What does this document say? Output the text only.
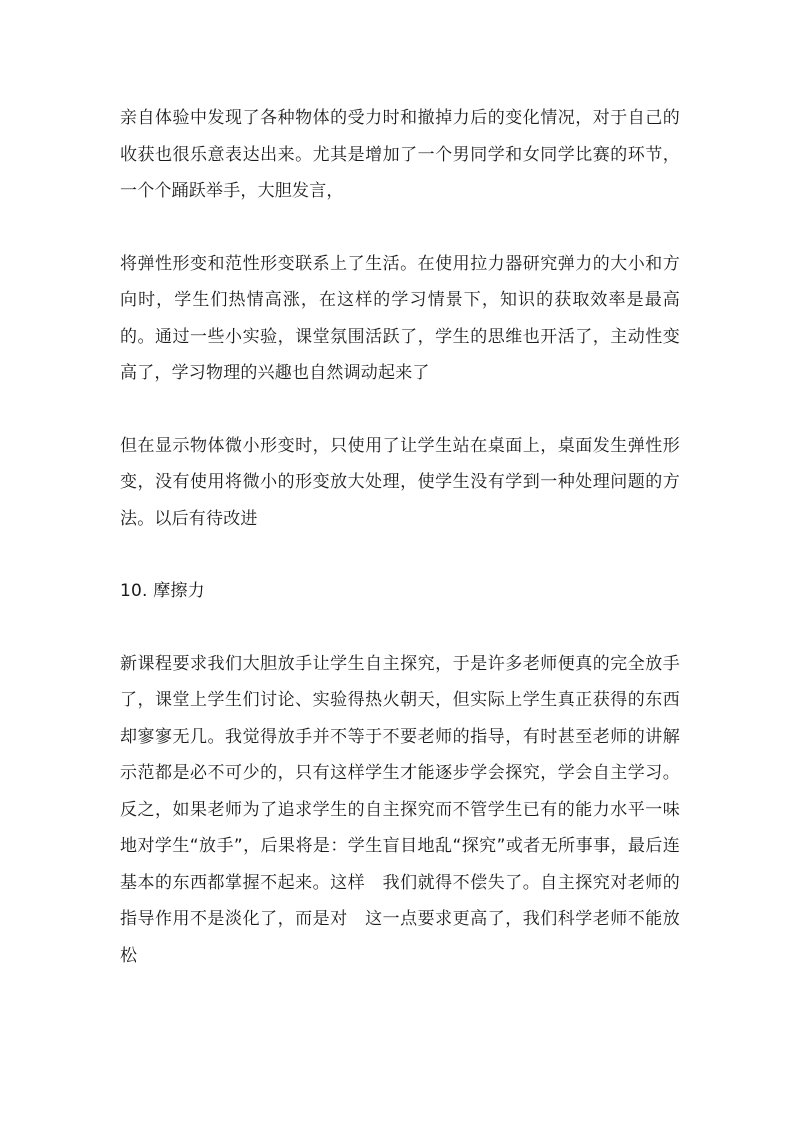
亲自体验中发现了各种物体的受力时和撤掉力后的变化情况，对于自己的收获也很乐意表达出来。尤其是增加了一个男同学和女同学比赛的环节，一个个踊跃举手，大胆发言，

将弹性形变和范性形变联系上了生活。在使用拉力器研究弹力的大小和方向时，学生们热情高涨，在这样的学习情景下，知识的获取效率是最高的。通过一些小实验，课堂氛围活跃了，学生的思维也开活了，主动性变高了，学习物理的兴趣也自然调动起来了

但在显示物体微小形变时，只使用了让学生站在桌面上，桌面发生弹性形变，没有使用将微小的形变放大处理，使学生没有学到一种处理问题的方法。以后有待改进

10. 摩擦力

新课程要求我们大胆放手让学生自主探究，于是许多老师便真的完全放手了，课堂上学生们讨论、实验得热火朝天，但实际上学生真正获得的东西却寥寥无几。我觉得放手并不等于不要老师的指导，有时甚至老师的讲解示范都是必不可少的，只有这样学生才能逐步学会探究，学会自主学习。反之，如果老师为了追求学生的自主探究而不管学生已有的能力水平一味地对学生“放手”，后果将是：学生盲目地乱“探究”或者无所事事，最后连基本的东西都掌握不起来。这样　我们就得不偿失了。自主探究对老师的指导作用不是淡化了，而是对　这一点要求更高了，我们科学老师不能放松
